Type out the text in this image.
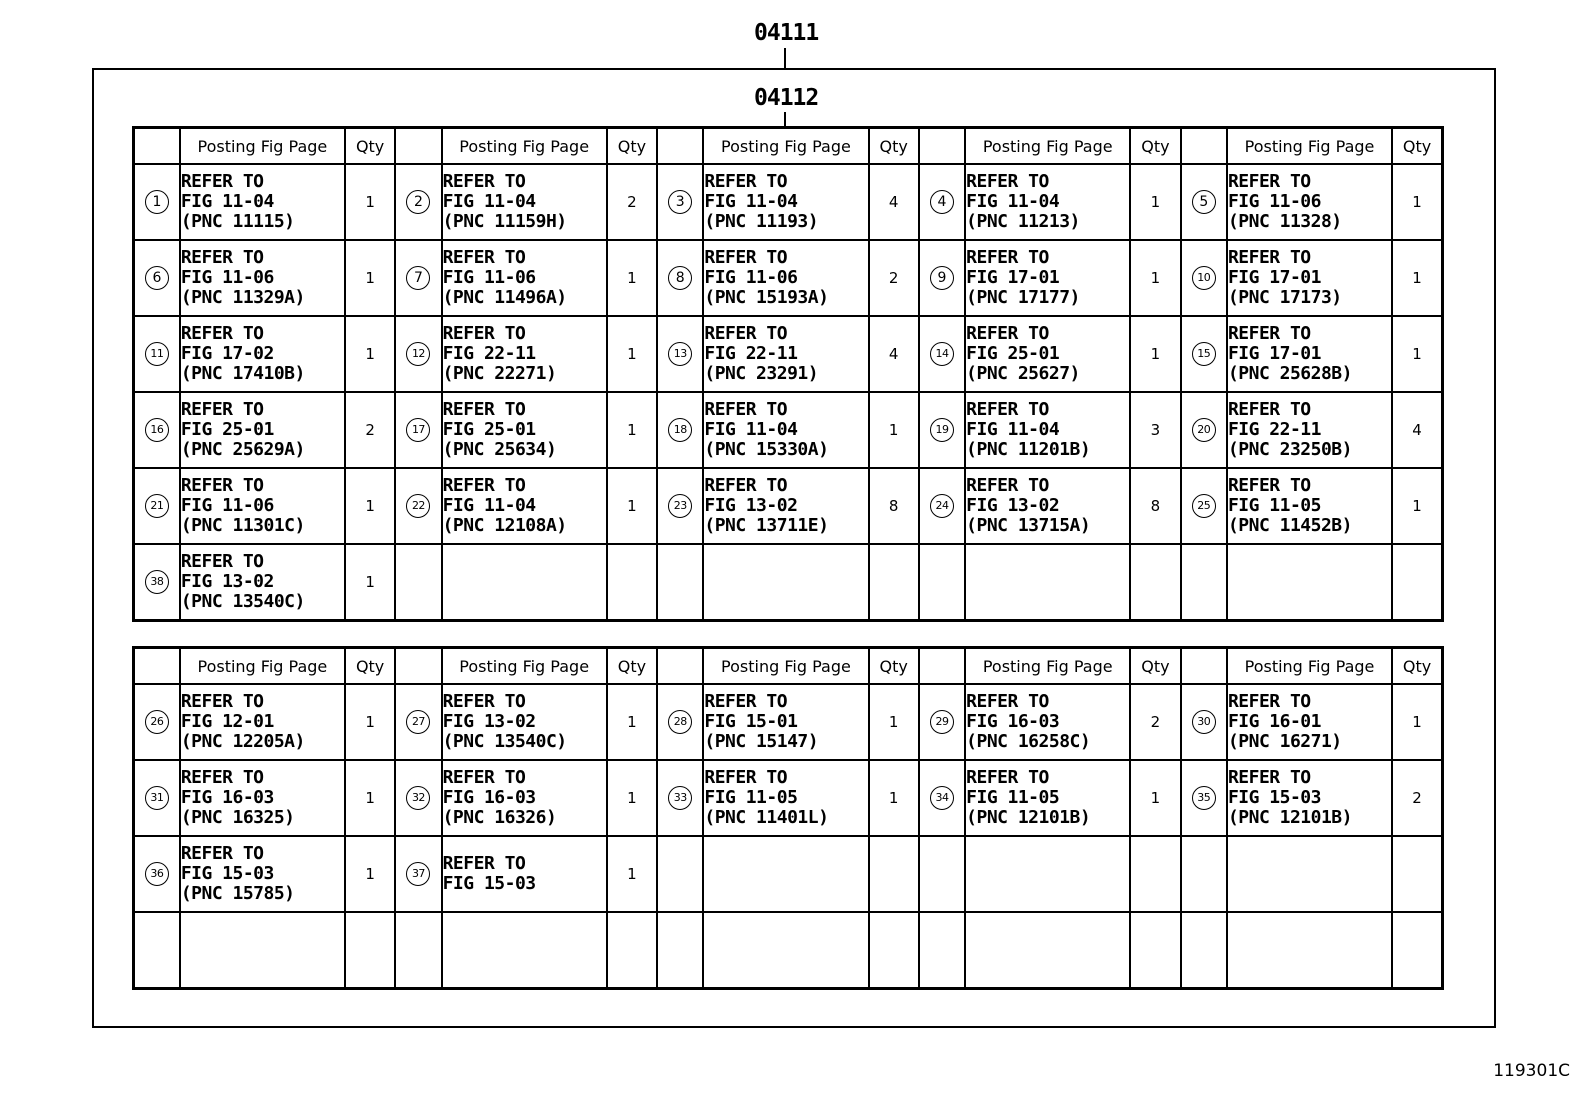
04111
04112
	Posting Fig Page	Qty		Posting Fig Page	Qty		Posting Fig Page	Qty		Posting Fig Page	Qty		Posting Fig Page	Qty
1	REFER TO
FIG 11-04
(PNC 11115)	1	2	REFER TO
FIG 11-04
(PNC 11159H)	2	3	REFER TO
FIG 11-04
(PNC 11193)	4	4	REFER TO
FIG 11-04
(PNC 11213)	1	5	REFER TO
FIG 11-06
(PNC 11328)	1
6	REFER TO
FIG 11-06
(PNC 11329A)	1	7	REFER TO
FIG 11-06
(PNC 11496A)	1	8	REFER TO
FIG 11-06
(PNC 15193A)	2	9	REFER TO
FIG 17-01
(PNC 17177)	1	10	REFER TO
FIG 17-01
(PNC 17173)	1
11	REFER TO
FIG 17-02
(PNC 17410B)	1	12	REFER TO
FIG 22-11
(PNC 22271)	1	13	REFER TO
FIG 22-11
(PNC 23291)	4	14	REFER TO
FIG 25-01
(PNC 25627)	1	15	REFER TO
FIG 17-01
(PNC 25628B)	1
16	REFER TO
FIG 25-01
(PNC 25629A)	2	17	REFER TO
FIG 25-01
(PNC 25634)	1	18	REFER TO
FIG 11-04
(PNC 15330A)	1	19	REFER TO
FIG 11-04
(PNC 11201B)	3	20	REFER TO
FIG 22-11
(PNC 23250B)	4
21	REFER TO
FIG 11-06
(PNC 11301C)	1	22	REFER TO
FIG 11-04
(PNC 12108A)	1	23	REFER TO
FIG 13-02
(PNC 13711E)	8	24	REFER TO
FIG 13-02
(PNC 13715A)	8	25	REFER TO
FIG 11-05
(PNC 11452B)	1
38	REFER TO
FIG 13-02
(PNC 13540C)	1												
	Posting Fig Page	Qty		Posting Fig Page	Qty		Posting Fig Page	Qty		Posting Fig Page	Qty		Posting Fig Page	Qty
26	REFER TO
FIG 12-01
(PNC 12205A)	1	27	REFER TO
FIG 13-02
(PNC 13540C)	1	28	REFER TO
FIG 15-01
(PNC 15147)	1	29	REFER TO
FIG 16-03
(PNC 16258C)	2	30	REFER TO
FIG 16-01
(PNC 16271)	1
31	REFER TO
FIG 16-03
(PNC 16325)	1	32	REFER TO
FIG 16-03
(PNC 16326)	1	33	REFER TO
FIG 11-05
(PNC 11401L)	1	34	REFER TO
FIG 11-05
(PNC 12101B)	1	35	REFER TO
FIG 15-03
(PNC 12101B)	2
36	REFER TO
FIG 15-03
(PNC 15785)	1	37	REFER TO
FIG 15-03	1									

119301C
